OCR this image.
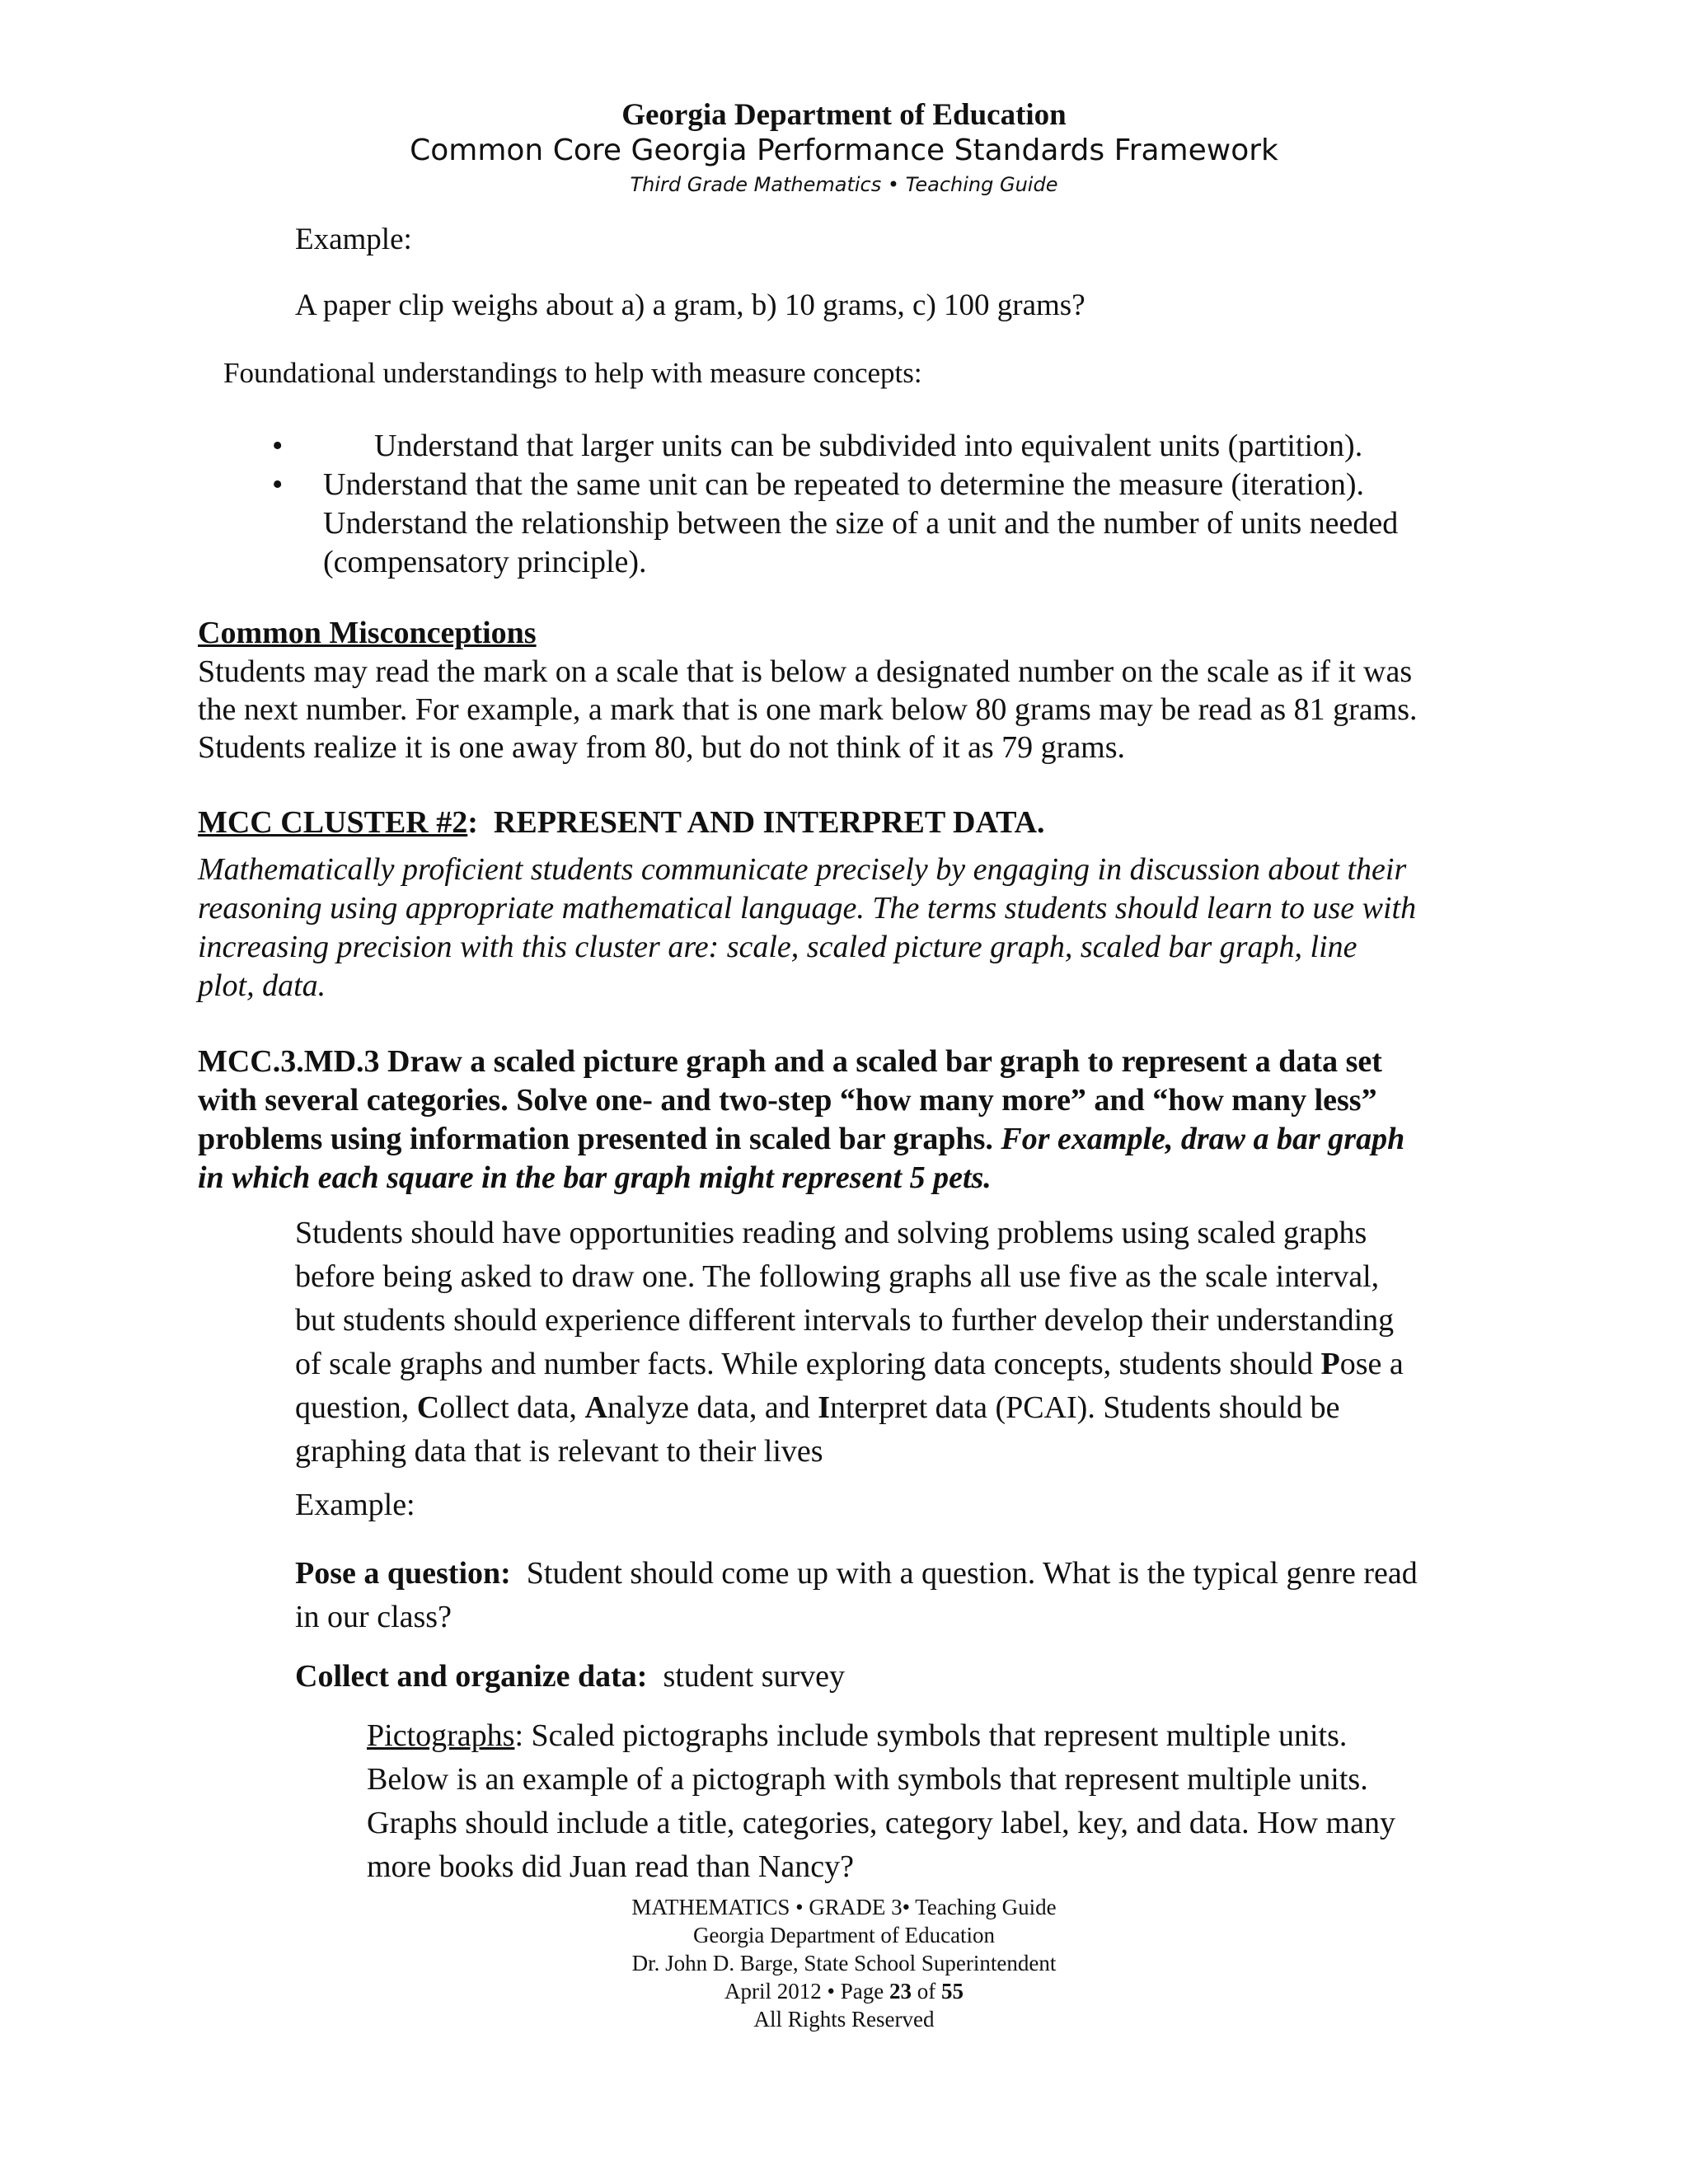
Georgia Department of Education
Common Core Georgia Performance Standards Framework
Third Grade Mathematics • Teaching Guide
Example:
A paper clip weighs about a) a gram, b) 10 grams, c) 100 grams?
Foundational understandings to help with measure concepts:
•	Understand that larger units can be subdivided into equivalent units (partition).
• Understand that the same unit can be repeated to determine the measure (iteration).
Understand the relationship between the size of a unit and the number of units needed
(compensatory principle).
Common Misconceptions
Students may read the mark on a scale that is below a designated number on the scale as if it was
the next number. For example, a mark that is one mark below 80 grams may be read as 81 grams.
Students realize it is one away from 80, but do not think of it as 79 grams.
MCC CLUSTER #2: REPRESENT AND INTERPRET DATA.
Mathematically proficient students communicate precisely by engaging in discussion about their
reasoning using appropriate mathematical language. The terms students should learn to use with
increasing precision with this cluster are: scale, scaled picture graph, scaled bar graph, line
plot, data.
MCC.3.MD.3 Draw a scaled picture graph and a scaled bar graph to represent a data set
with several categories. Solve one- and two-step “how many more” and “how many less”
problems using information presented in scaled bar graphs. For example, draw a bar graph
in which each square in the bar graph might represent 5 pets.
Students should have opportunities reading and solving problems using scaled graphs
before being asked to draw one. The following graphs all use five as the scale interval,
but students should experience different intervals to further develop their understanding
of scale graphs and number facts. While exploring data concepts, students should Pose a
question, Collect data, Analyze data, and Interpret data (PCAI). Students should be
graphing data that is relevant to their lives
Example:
Pose a question: Student should come up with a question. What is the typical genre read
in our class?
Collect and organize data: student survey
Pictographs: Scaled pictographs include symbols that represent multiple units.
Below is an example of a pictograph with symbols that represent multiple units.
Graphs should include a title, categories, category label, key, and data. How many
more books did Juan read than Nancy?
MATHEMATICS • GRADE 3• Teaching Guide
Georgia Department of Education
Dr. John D. Barge, State School Superintendent
April 2012 • Page 23 of 55
All Rights Reserved
